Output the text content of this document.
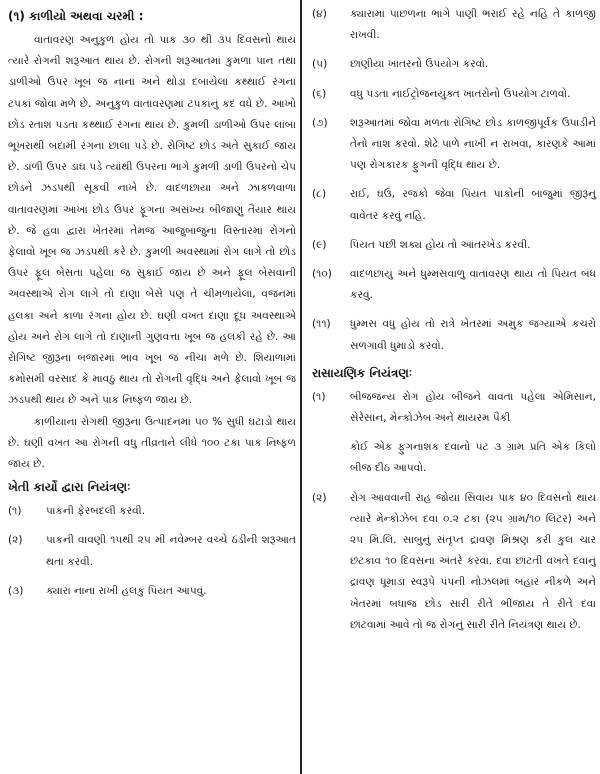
(૧) કાળીયો અથવા ચરમી :

વાતાવરણ અનુકુળ હોય તો પાક ૩૦ થી ૩૫ દિવસનો થાય ત્યારે રોગની શરૂઆત થાય છે. રોગની શરૂઆતમાં કુમળા પાન તથા ડાળીઓ ઉપર ખૂબ જ નાના અને થોડા દબાયેલા કથ્થાઈ રંગના ટપકાં જોવા મળે છે. અનુકુળ વાતાવરણમાં ટપકાંનું કદ વધે છે. આખો છોડ રતાશ પડતા કથ્થાઈ રંગના થાય છે. કુમળી ડાળીઓ ઉપર લાંબા ભૂખરાથી બદામી રંગના છાલા પડે છે. રોગિષ્ટ છોડ અંતે સુકાઈ જાય છે. ડાળી ઉપર ડાઘ પડે ત્યાંથી ઉપરના ભાગે કુમળી ડાળી ઉપરનો ચેપ છોડને ઝડપથી સૂકવી નાખે છે. વાદળછાયા અને ઝાકળવાળા વાતાવરણમાં આખા છોડ ઉપર ફૂગના અસંખ્ય બીજાણુ તૈયાર થાય છે. જે હવા દ્વારા ખેતરમાં તેમજ આજુબાજુના વિસ્તારમાં રોગનો ફેલાવો ખૂબ જ ઝડપથી કરે છે. કુમળી અવસ્થામાં રોગ લાગે તો છોડ ઉપર ફૂલ બેસતા પહેલા જ સુકાઈ જાય છે અને ફૂલ બેસવાની અવસ્થાએ રોગ લાગે તો દાણા બેસે પણ તે ચીમળાયેલા, વજનમાં હલકા અને કાળા રંગના હોય છે. ઘણી વખત દાણા દૂધ અવસ્થાએ હોય અને રોગ લાગે તો દાણાની ગુણવત્તા ખૂબ જ હલકી રહે છે. આ રોગિષ્ટ જીરૂના બજારમાં ભાવ ખૂબ જ નીચા મળે છે. શિયાળામાં કમોસમી વરસાદ કે માવઠુ થાય તો રોગની વૃદ્ધિ અને ફેલાવો ખૂબ જ ઝડપથી થાય છે અને પાક નિષ્ફળ જાય છે.

કાળીયાના રોગથી જીરૂના ઉત્પાદનમાં ૫૦ % સુધી ઘટાડો થાય છે. ઘણી વખત આ રોગની વધુ તીવ્રતાને લીધે ૧૦૦ ટકા પાક નિષ્ફળ જાય છે.

ખેતી કાર્યો દ્વારા નિયંત્રણઃ
(૧)	પાકની ફેરબદલી કરવી.
(૨)	પાકની વાવણી ૧૫થી ૨૫ મી નવેમ્બર વચ્ચે ઠંડીની શરૂઆત થતા કરવી.
(૩)	ક્યારા નાના રાખી હલકું પિયત આપવું.
(૪)	ક્યારામાં પાછળના ભાગે પાણી ભરાઈ રહે નહિ તે કાળજી રાખવી.
(૫)	છાણીયા ખાતરનો ઉપયોગ કરવો.
(૬)	વધુ પડતા નાઈટ્રોજનયુક્ત ખાતરોનો ઉપયોગ ટાળવો.
(૭)	શરૂઆતમાં જોવા મળતા રોગિષ્ટ છોડ કાળજીપૂર્વક ઉપાડીને તેનો નાશ કરવો. શેઢે પાળે નાખી ન રાખવા, કારણકે આમાં પણ રોગકારક ફુગની વૃદ્ધિ થાય છે.
(૮)	રાઈ, ઘઉં, રજકો જેવા પિયત પાકોની બાજુમાં જીરૂનું વાવેતર કરવું નહિ.
(૯)	પિયત પછી શક્ય હોય તો આંતરખેડ કરવી.
(૧૦)	વાદળછાયું અને ધુમ્મસવાળુ વાતાવરણ થાય તો પિયત બંધ કરવું.
(૧૧)	ધુમ્મસ વધુ હોય તો રાત્રે ખેતરમાં અમુક જગ્યાએ કચરો સળગાવી ધુમાડો કરવો.
રાસાયણિક નિયંત્રણઃ
(૧)	બીજજન્ય રોગ હોય બીજને વાવતા પહેલા એમિસાન, સેરેસાન, મેન્કોઝેબ અને થાયરમ પૈકી
કોઈ એક ફુગનાશક દવાનો ૫ટ ૩ ગ્રામ પ્રતિ એક કિલો બીજ દીઠ આપવો.
(૨)	રોગ આવવાની રાહ જોયા સિવાય પાક ૪૦ દિવસનો થાય ત્યારે મેન્કોઝેબ દવા ૦.૨ ટકા (૨૫ ગ્રામ/૧૦ લિટર) અને ૨૫ મિ.લિ. સાબુનું સંતૃપ્ત દ્રાવણ મિશ્રણ કરી કુલ ચાર છંટકાવ ૧૦ દિવસના અંતરે કરવા. દવા છાંટતી વખતે દવાનું દ્રાવણ ધૂમાડા સ્વરૂપે પંપની નોઝલમાં બહાર નીકળે અને ખેતરમાં બધાજ છોડ સારી રીતે ભીંજાય તે રીતે દવા છાંટવામાં આવે તો જ રોગનું સારી રીતે નિયંત્રણ થાય છે.
